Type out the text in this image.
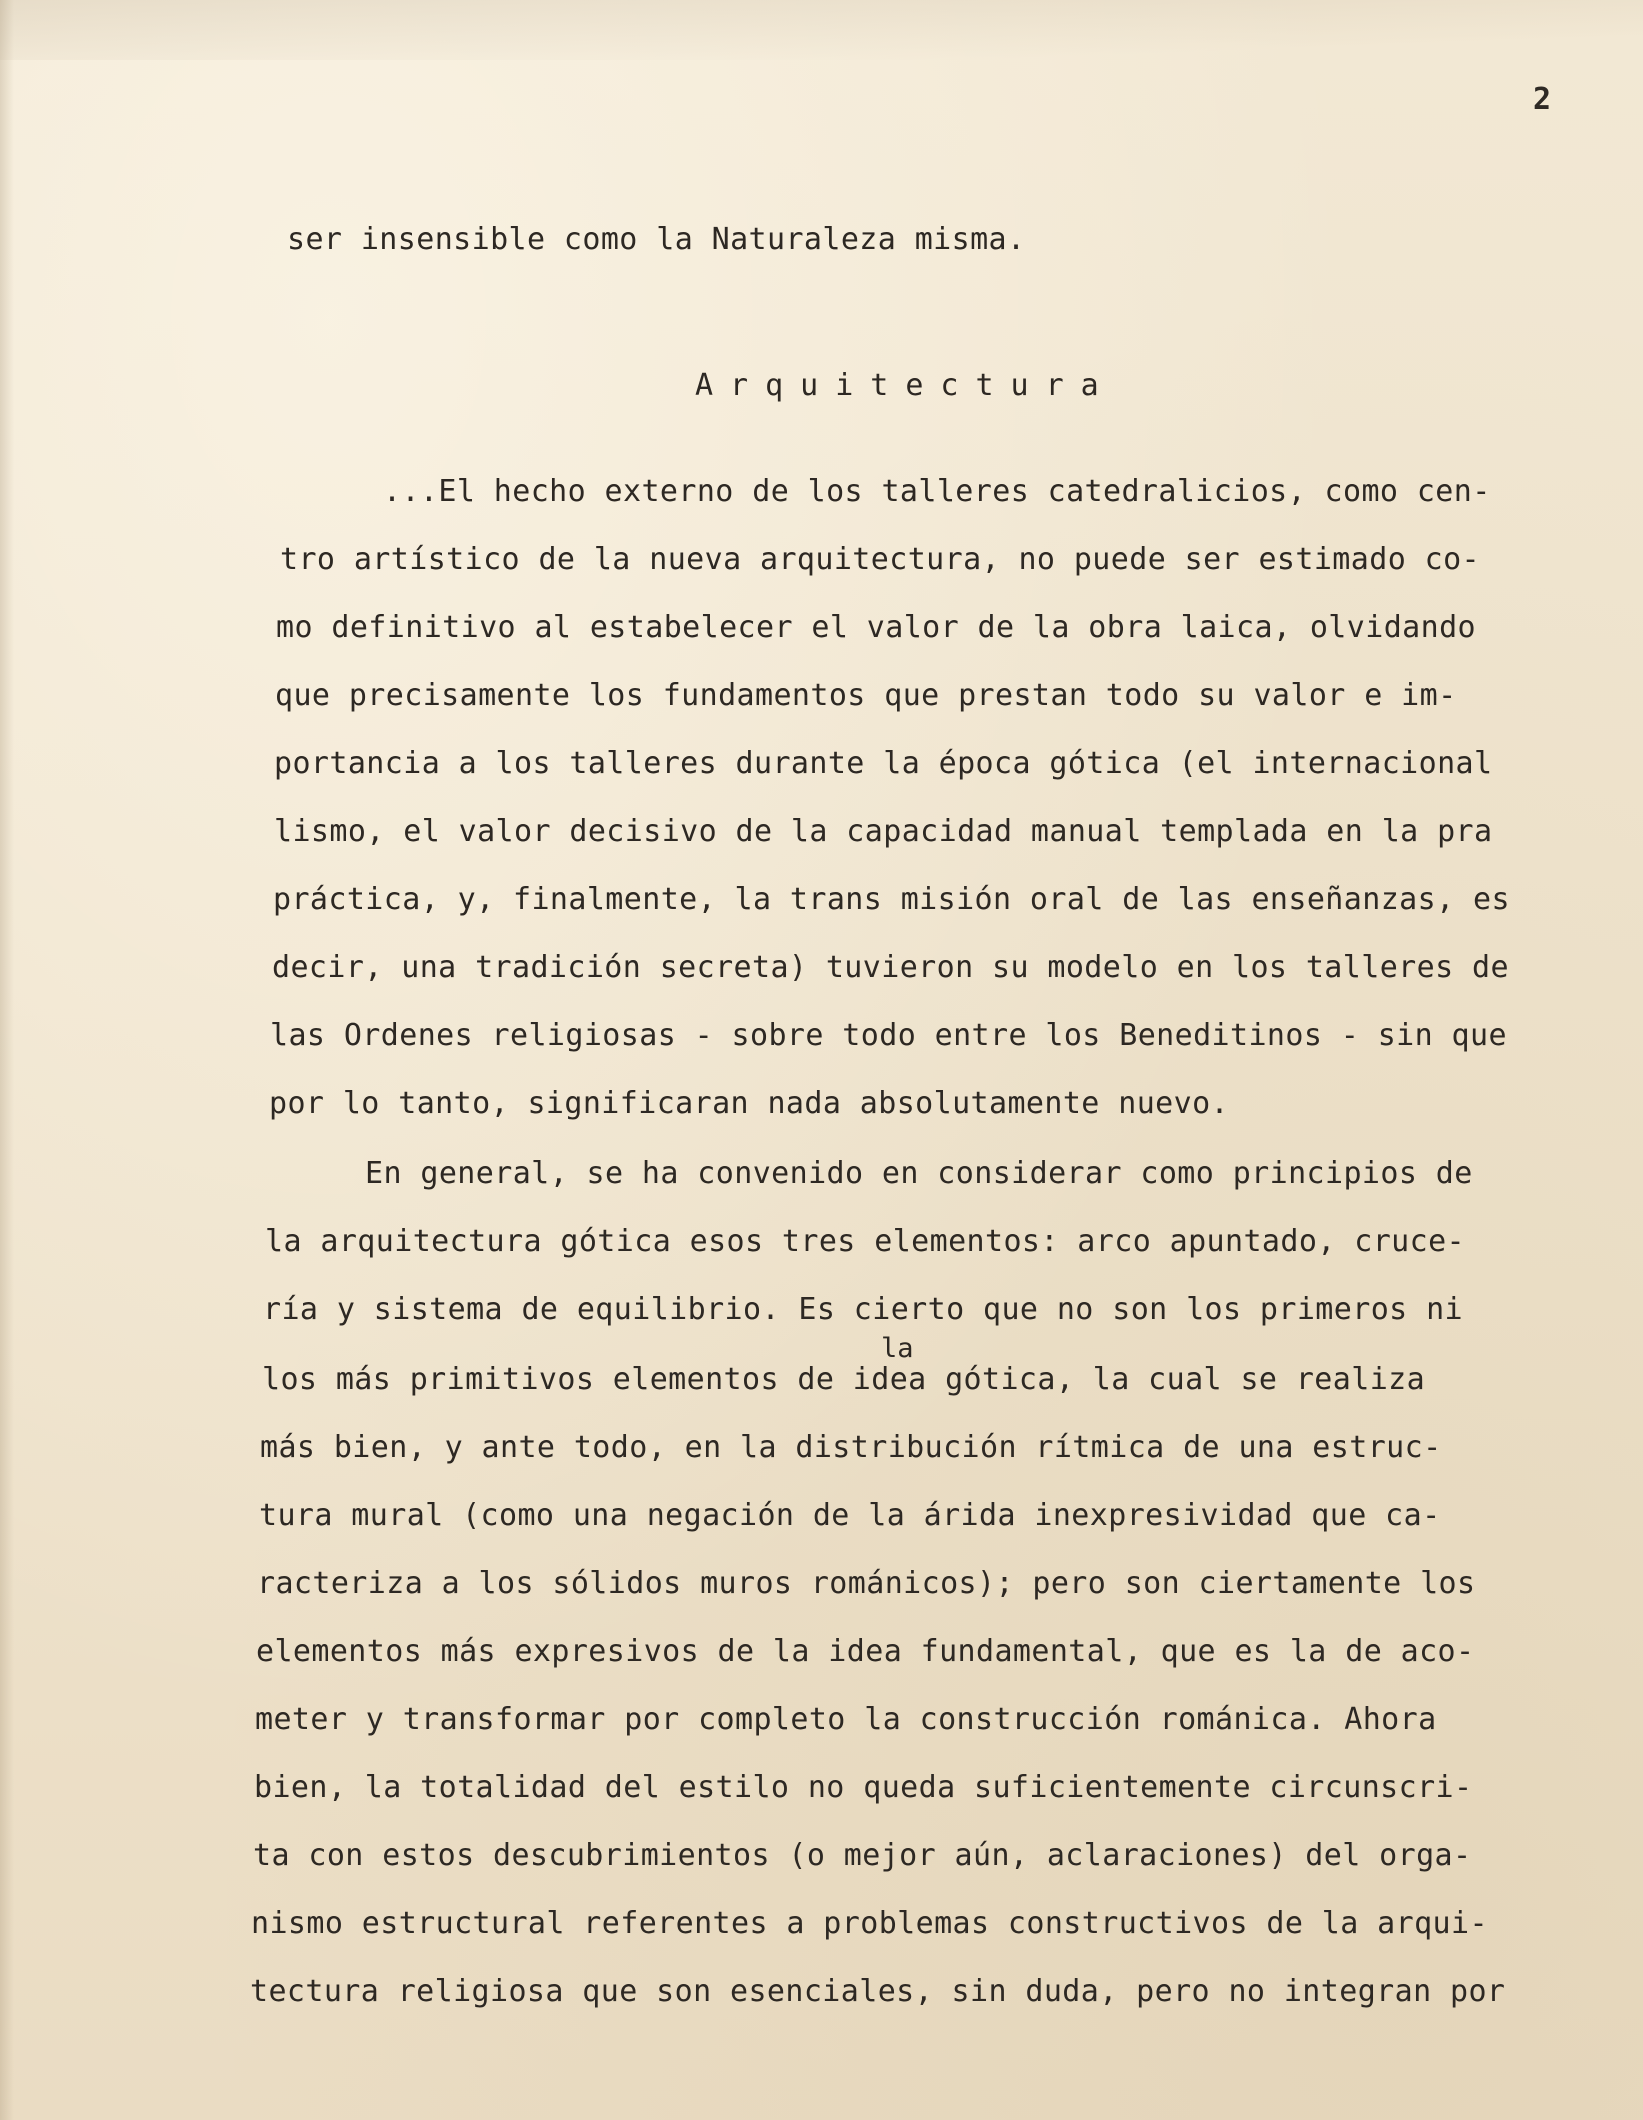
2

ser insensible como la Naturaleza misma.

Arquitectura

...El hecho externo de los talleres catedralicios, como cen-

tro artístico de la nueva arquitectura, no puede ser estimado co-

mo definitivo al estabelecer el valor de la obra laica, olvidando

que precisamente los fundamentos que prestan todo su valor e im-

portancia a los talleres durante la época gótica (el internacional

lismo, el valor decisivo de la capacidad manual templada en la pra

práctica, y, finalmente, la trans misión oral de las enseñanzas, es

decir, una tradición secreta) tuvieron su modelo en los talleres de

las Ordenes religiosas - sobre todo entre los Beneditinos - sin que

por lo tanto, significaran nada absolutamente nuevo.

En general, se ha convenido en considerar como principios de

la arquitectura gótica esos tres elementos: arco apuntado, cruce-

ría y sistema de equilibrio. Es cierto que no son los primeros ni

la

los más primitivos elementos de idea gótica, la cual se realiza

más bien, y ante todo, en la distribución rítmica de una estruc-

tura mural (como una negación de la árida inexpresividad que ca-

racteriza a los sólidos muros románicos); pero son ciertamente los

elementos más expresivos de la idea fundamental, que es la de aco-

meter y transformar por completo la construcción románica. Ahora

bien, la totalidad del estilo no queda suficientemente circunscri-

ta con estos descubrimientos (o mejor aún, aclaraciones) del orga-

nismo estructural referentes a problemas constructivos de la arqui-

tectura religiosa que son esenciales, sin duda, pero no integran por
